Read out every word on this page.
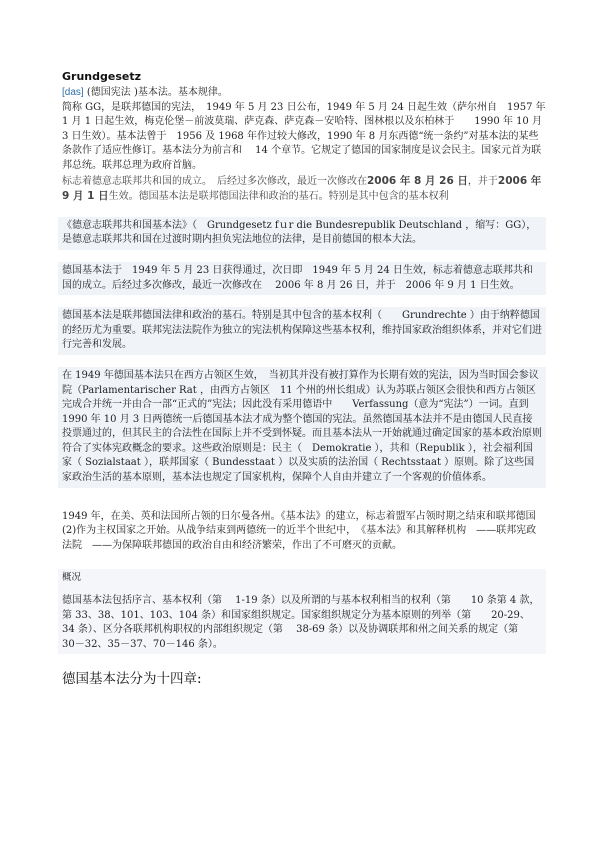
Grundgesetz

[das] (德国宪法 )基本法。基本规律。

简称 GG，是联邦德国的宪法，　1949 年 5 月 23 日公布，1949 年 5 月 24 日起生效（萨尔州自　1957 年 1 月 1 日起生效，梅克伦堡－前波莫瑞、萨克森、萨克森－安哈特、图林根以及东柏林于　　1990 年 10 月 3 日生效）。基本法曾于　1956 及 1968 年作过较大修改，1990 年 8 月东西德“统一条约”对基本法的某些条款作了适应性修订。基本法分为前言和　 14 个章节。它规定了德国的国家制度是议会民主。国家元首为联邦总统。联邦总理为政府首脑。

标志着德意志联邦共和国的成立。　后经过多次修改，最近一次修改在2006 年 8 月 26 日，并于2006 年 9 月 1 日生效。德国基本法是联邦德国法律和政治的基石。特别是其中包含的基本权利

《德意志联邦共和国基本法》（　Grundgesetz fｕr die Bundesrepublik Deutschland ，缩写：GG），是德意志联邦共和国在过渡时期内担负宪法地位的法律，是目前德国的根本大法。

德国基本法于　1949 年 5 月 23 日获得通过，次日即　1949 年 5 月 24 日生效，标志着德意志联邦共和国的成立。后经过多次修改，最近一次修改在　 2006 年 8 月 26 日，并于　2006 年 9 月 1 日生效。

德国基本法是联邦德国法律和政治的基石。特别是其中包含的基本权利（　　Grundrechte ）由于纳粹德国的经历尤为重要。联邦宪法法院作为独立的宪法机构保障这些基本权利，维持国家政治组织体系，并对它们进行完善和发展。

在 1949 年德国基本法只在西方占领区生效，　当初其并没有被打算作为长期有效的宪法，因为当时国会参议院（Parlamentarischer Rat ，由西方占领区　11 个州的州长组成）认为苏联占领区会很快和西方占领区完成合并统一并由合一部“正式的”宪法；因此没有采用德语中　　Verfassung（意为“宪法”）一词。直到　1990 年 10 月 3 日两德统一后德国基本法才成为整个德国的宪法。虽然德国基本法并不是由德国人民直接投票通过的，但其民主的合法性在国际上并不受到怀疑。而且基本法从一开始就通过确定国家的基本政治原则符合了实体宪政概念的要求。这些政治原则是：民主（　Demokratie ），共和（Republik ），社会福利国家（ Sozialstaat ），联邦国家（ Bundesstaat ）以及实质的法治国（ Rechtsstaat ）原则。除了这些国家政治生活的基本原则，基本法也规定了国家机构，保障个人自由并建立了一个客观的价值体系。

1949 年，在美、英和法国所占领的日尔曼各州。《基本法》的建立，标志着盟军占领时期之结束和联邦德国(2)作为主权国家之开始。从战争结束到两德统一的近半个世纪中，　《基本法》和其解释机构　——联邦宪政法院　——为保障联邦德国的政治自由和经济繁荣，作出了不可磨灭的贡献。

概况

德国基本法包括序言、基本权利（第　 1-19 条）以及所谓的与基本权利相当的权利（第　　10 条第 4 款，第 33、38、101、103、104 条）和国家组织规定。国家组织规定分为基本原则的列举（第　　20-29、34 条）、区分各联邦机构职权的内部组织规定（第　 38-69 条）以及协调联邦和州之间关系的规定（第　 30－32、35－37、70－146 条）。

德国基本法分为十四章:
